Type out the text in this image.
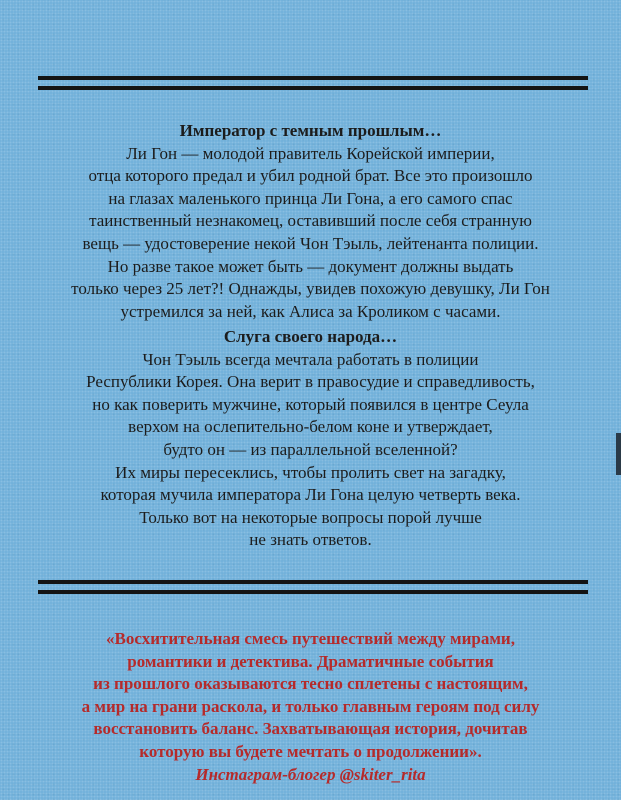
Император с темным прошлым…
Ли Гон — молодой правитель Корейской империи,
отца которого предал и убил родной брат. Все это произошло
на глазах маленького принца Ли Гона, а его самого спас
таинственный незнакомец, оставивший после себя странную
вещь — удостоверение некой Чон Тэыль, лейтенанта полиции.
Но разве такое может быть — документ должны выдать
только через 25 лет?! Однажды, увидев похожую девушку, Ли Гон
устремился за ней, как Алиса за Кроликом с часами.
Слуга своего народа…
Чон Тэыль всегда мечтала работать в полиции
Республики Корея. Она верит в правосудие и справедливость,
но как поверить мужчине, который появился в центре Сеула
верхом на ослепительно-белом коне и утверждает,
будто он — из параллельной вселенной?
Их миры пересеклись, чтобы пролить свет на загадку,
которая мучила императора Ли Гона целую четверть века.
Только вот на некоторые вопросы порой лучше
не знать ответов.
«Восхитительная смесь путешествий между мирами,
романтики и детектива. Драматичные события
из прошлого оказываются тесно сплетены с настоящим,
а мир на грани раскола, и только главным героям под силу
восстановить баланс. Захватывающая история, дочитав
которую вы будете мечтать о продолжении».
Инстаграм-блогер @skiter_rita
